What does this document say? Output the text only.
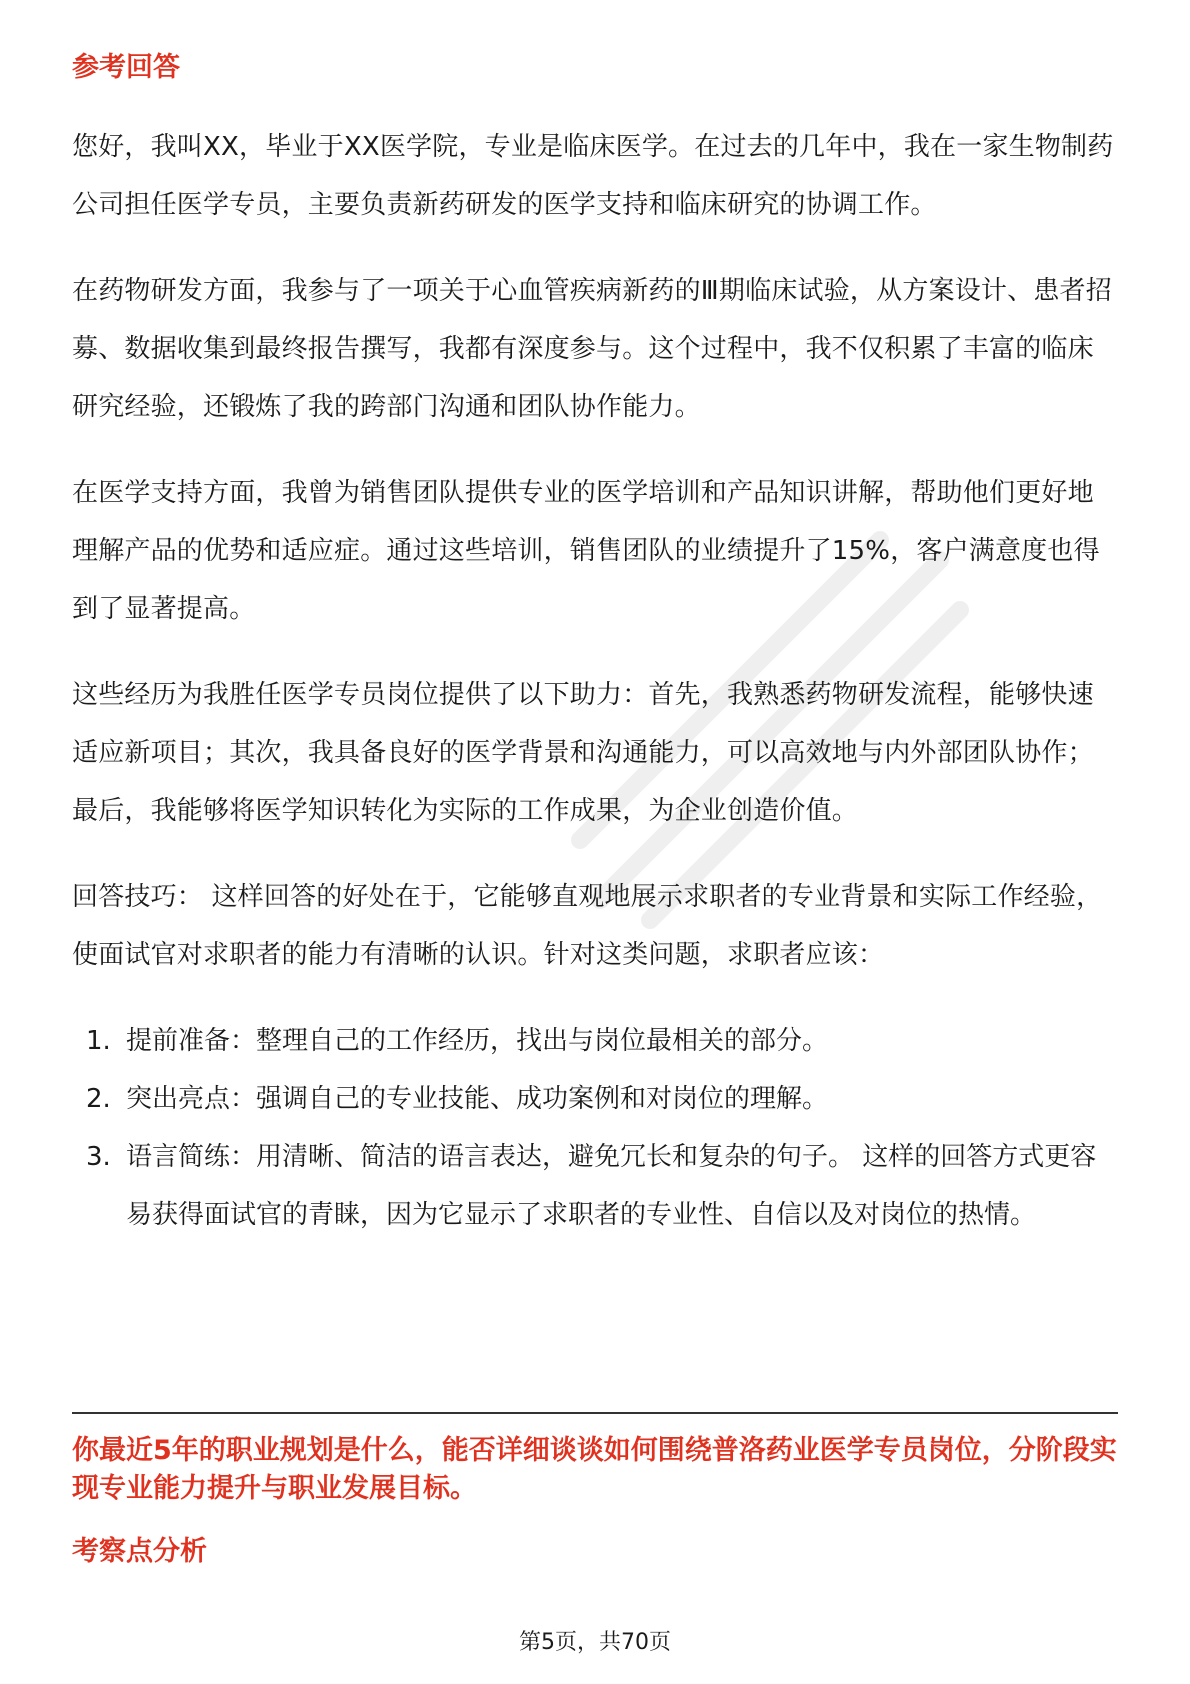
参考回答

您好，我叫XX，毕业于XX医学院，专业是临床医学。在过去的几年中，我在一家生物制药公司担任医学专员，主要负责新药研发的医学支持和临床研究的协调工作。

在药物研发方面，我参与了一项关于心血管疾病新药的Ⅲ期临床试验，从方案设计、患者招募、数据收集到最终报告撰写，我都有深度参与。这个过程中，我不仅积累了丰富的临床研究经验，还锻炼了我的跨部门沟通和团队协作能力。

在医学支持方面，我曾为销售团队提供专业的医学培训和产品知识讲解，帮助他们更好地理解产品的优势和适应症。通过这些培训，销售团队的业绩提升了15%，客户满意度也得到了显著提高。

这些经历为我胜任医学专员岗位提供了以下助力：首先，我熟悉药物研发流程，能够快速适应新项目；其次，我具备良好的医学背景和沟通能力，可以高效地与内外部团队协作；最后，我能够将医学知识转化为实际的工作成果，为企业创造价值。

回答技巧： 这样回答的好处在于，它能够直观地展示求职者的专业背景和实际工作经验，使面试官对求职者的能力有清晰的认识。针对这类问题，求职者应该：

1. 提前准备：整理自己的工作经历，找出与岗位最相关的部分。
2. 突出亮点：强调自己的专业技能、成功案例和对岗位的理解。
3. 语言简练：用清晰、简洁的语言表达，避免冗长和复杂的句子。 这样的回答方式更容易获得面试官的青睐，因为它显示了求职者的专业性、自信以及对岗位的热情。
你最近5年的职业规划是什么，能否详细谈谈如何围绕普洛药业医学专员岗位，分阶段实现专业能力提升与职业发展目标。
考察点分析
第5页，共70页
